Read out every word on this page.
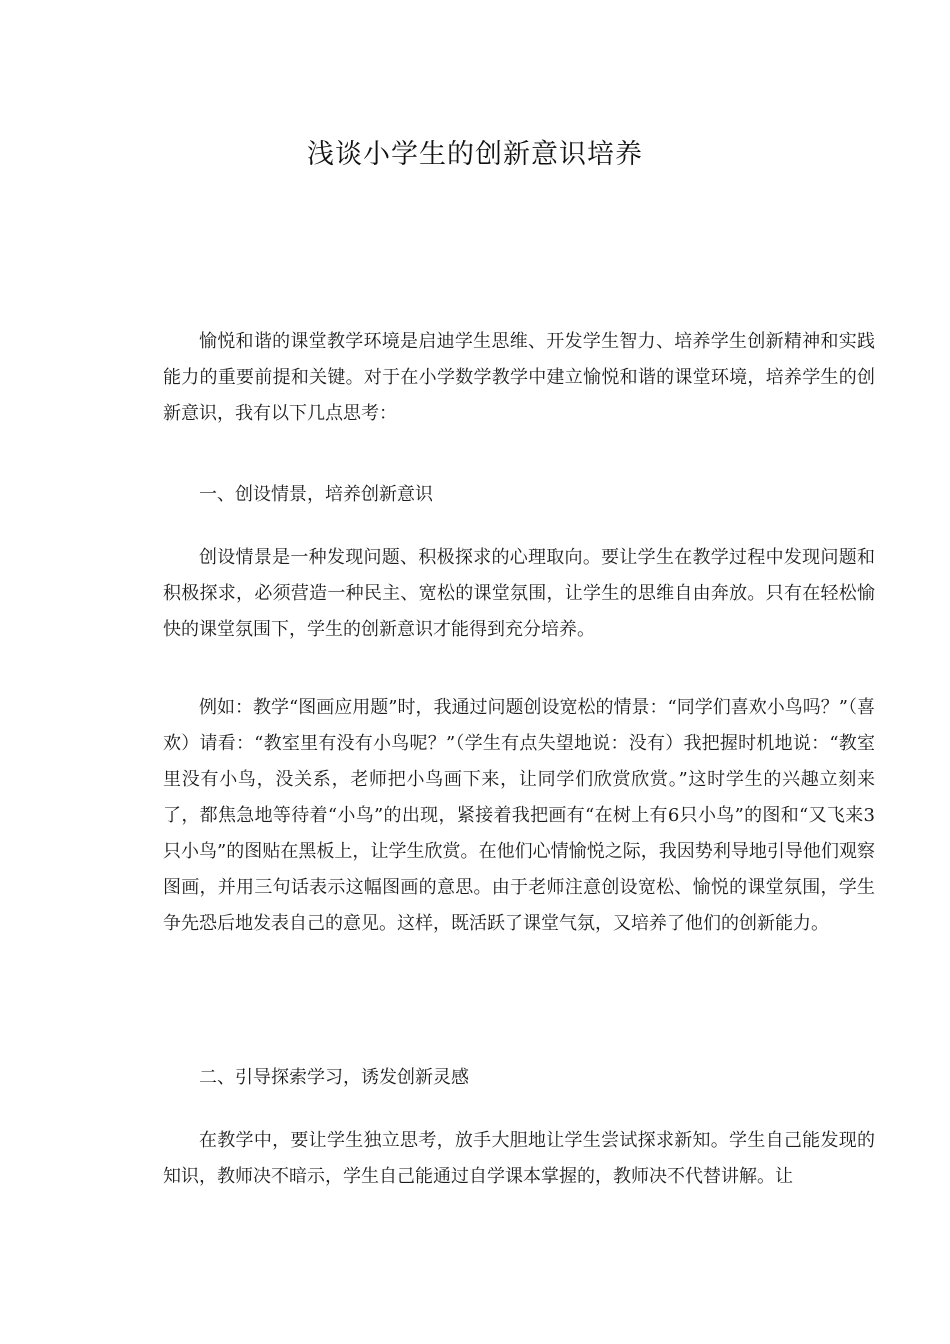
浅谈小学生的创新意识培养

愉悦和谐的课堂教学环境是启迪学生思维、开发学生智力、培养学生创新精神和实践能力的重要前提和关键。对于在小学数学教学中建立愉悦和谐的课堂环境，培养学生的创新意识，我有以下几点思考：

一、创设情景，培养创新意识

创设情景是一种发现问题、积极探求的心理取向。要让学生在教学过程中发现问题和积极探求，必须营造一种民主、宽松的课堂氛围，让学生的思维自由奔放。只有在轻松愉快的课堂氛围下，学生的创新意识才能得到充分培养。

例如：教学“图画应用题”时，我通过问题创设宽松的情景：“同学们喜欢小鸟吗？”（喜欢）请看：“教室里有没有小鸟呢？”（学生有点失望地说：没有）我把握时机地说：“教室里没有小鸟，没关系，老师把小鸟画下来，让同学们欣赏欣赏。”这时学生的兴趣立刻来了，都焦急地等待着“小鸟”的出现，紧接着我把画有“在树上有6只小鸟”的图和“又飞来3只小鸟”的图贴在黑板上，让学生欣赏。在他们心情愉悦之际，我因势利导地引导他们观察图画，并用三句话表示这幅图画的意思。由于老师注意创设宽松、愉悦的课堂氛围，学生争先恐后地发表自己的意见。这样，既活跃了课堂气氛，又培养了他们的创新能力。

二、引导探索学习，诱发创新灵感

在教学中，要让学生独立思考，放手大胆地让学生尝试探求新知。学生自己能发现的知识，教师决不暗示，学生自己能通过自学课本掌握的，教师决不代替讲解。让
